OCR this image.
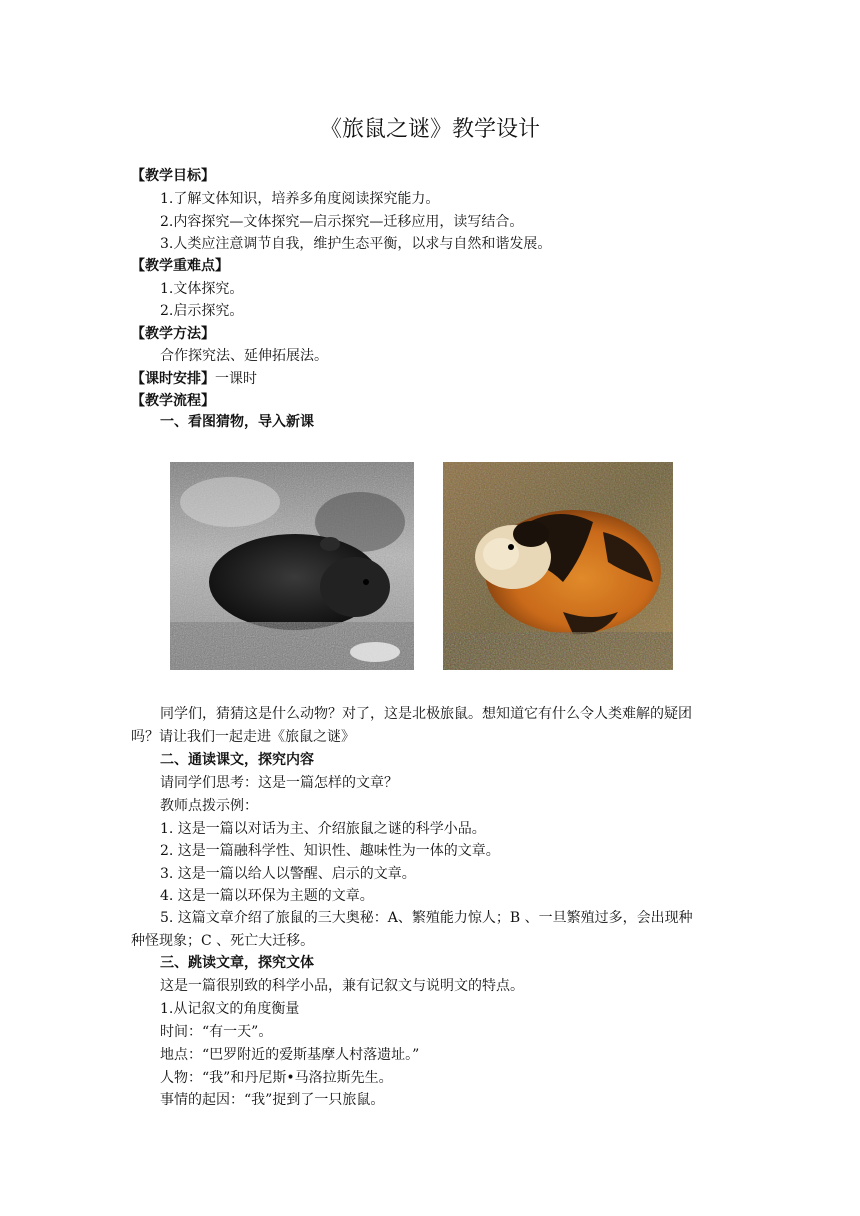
《旅鼠之谜》教学设计
【教学目标】
1.了解文体知识，培养多角度阅读探究能力。
2.内容探究—文体探究—启示探究—迁移应用，读写结合。
3.人类应注意调节自我，维护生态平衡，以求与自然和谐发展。
【教学重难点】
1.文体探究。
2.启示探究。
【教学方法】
合作探究法、延伸拓展法。
【课时安排】一课时
【教学流程】
一、看图猜物，导入新课
同学们，猜猜这是什么动物？对了，这是北极旅鼠。想知道它有什么令人类难解的疑团
吗？请让我们一起走进《旅鼠之谜》
二、通读课文，探究内容
请同学们思考：这是一篇怎样的文章？
教师点拨示例：
1. 这是一篇以对话为主、介绍旅鼠之谜的科学小品。
2. 这是一篇融科学性、知识性、趣味性为一体的文章。
3. 这是一篇以给人以警醒、启示的文章。
4. 这是一篇以环保为主题的文章。
5. 这篇文章介绍了旅鼠的三大奥秘：A、繁殖能力惊人；B 、一旦繁殖过多，会出现种
种怪现象；C 、死亡大迁移。
三、跳读文章，探究文体
这是一篇很别致的科学小品，兼有记叙文与说明文的特点。
1.从记叙文的角度衡量
时间：“有一天”。
地点：“巴罗附近的爱斯基摩人村落遗址。”
人物：“我”和丹尼斯•马洛拉斯先生。
事情的起因：“我”捉到了一只旅鼠。
